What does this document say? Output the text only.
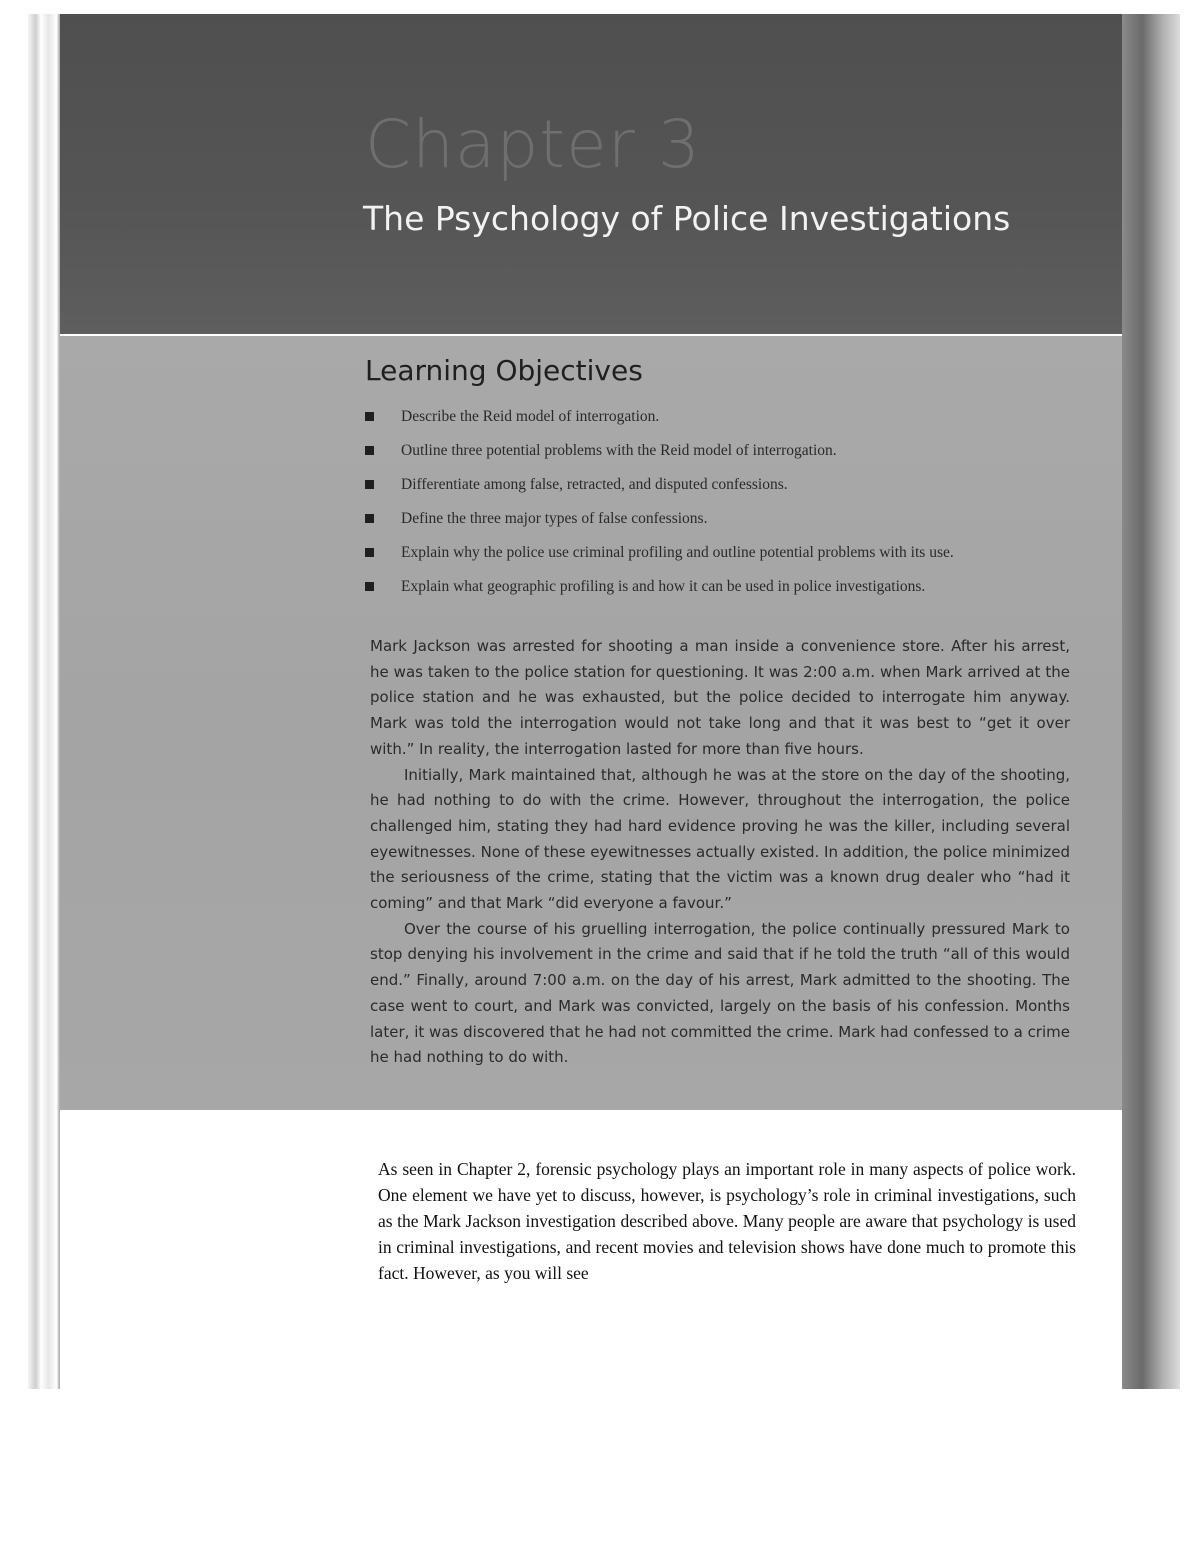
Chapter 3
The Psychology of Police Investigations
Learning Objectives
Describe the Reid model of interrogation.
Outline three potential problems with the Reid model of interrogation.
Differentiate among false, retracted, and disputed confessions.
Define the three major types of false confessions.
Explain why the police use criminal profiling and outline potential problems with its use.
Explain what geographic profiling is and how it can be used in police investigations.

Mark Jackson was arrested for shooting a man inside a convenience store. After his arrest, he was taken to the police station for questioning. It was 2:00 a.m. when Mark arrived at the police station and he was exhausted, but the police decided to interrogate him anyway. Mark was told the interrogation would not take long and that it was best to “get it over with.” In reality, the interrogation lasted for more than five hours.

Initially, Mark maintained that, although he was at the store on the day of the shooting, he had nothing to do with the crime. However, throughout the interrogation, the police challenged him, stating they had hard evidence proving he was the killer, including several eyewitnesses. None of these eyewitnesses actually existed. In addition, the police minimized the seriousness of the crime, stating that the victim was a known drug dealer who “had it coming” and that Mark “did everyone a favour.”

Over the course of his gruelling interrogation, the police continually pressured Mark to stop denying his involvement in the crime and said that if he told the truth “all of this would end.” Finally, around 7:00 a.m. on the day of his arrest, Mark admitted to the shooting. The case went to court, and Mark was convicted, largely on the basis of his confession. Months later, it was discovered that he had not committed the crime. Mark had confessed to a crime he had nothing to do with.

As seen in Chapter 2, forensic psychology plays an important role in many aspects of police work. One element we have yet to discuss, however, is psychology’s role in criminal investigations, such as the Mark Jackson investigation described above. Many people are aware that psychology is used in criminal investigations, and recent movies and television shows have done much to promote this fact. However, as you will see
